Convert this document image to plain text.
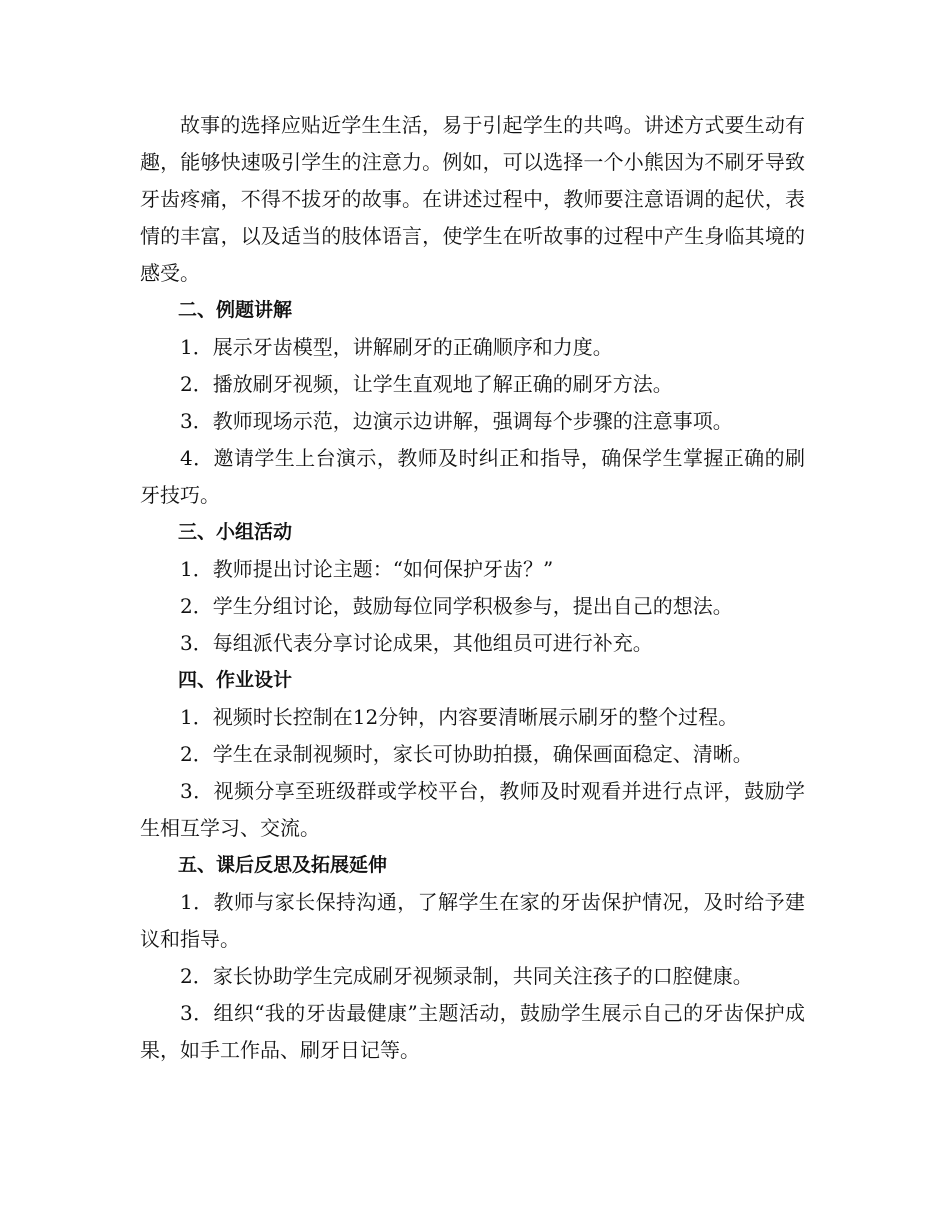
故事的选择应贴近学生生活，易于引起学生的共鸣。讲述方式要生动有趣，能够快速吸引学生的注意力。例如，可以选择一个小熊因为不刷牙导致牙齿疼痛，不得不拔牙的故事。在讲述过程中，教师要注意语调的起伏，表情的丰富，以及适当的肢体语言，使学生在听故事的过程中产生身临其境的感受。

二、例题讲解

1．展示牙齿模型，讲解刷牙的正确顺序和力度。

2．播放刷牙视频，让学生直观地了解正确的刷牙方法。

3．教师现场示范，边演示边讲解，强调每个步骤的注意事项。

4．邀请学生上台演示，教师及时纠正和指导，确保学生掌握正确的刷牙技巧。

三、小组活动

1．教师提出讨论主题：“如何保护牙齿？”

2．学生分组讨论，鼓励每位同学积极参与，提出自己的想法。

3．每组派代表分享讨论成果，其他组员可进行补充。

四、作业设计

1．视频时长控制在12分钟，内容要清晰展示刷牙的整个过程。

2．学生在录制视频时，家长可协助拍摄，确保画面稳定、清晰。

3．视频分享至班级群或学校平台，教师及时观看并进行点评，鼓励学生相互学习、交流。

五、课后反思及拓展延伸

1．教师与家长保持沟通，了解学生在家的牙齿保护情况，及时给予建议和指导。

2．家长协助学生完成刷牙视频录制，共同关注孩子的口腔健康。

3．组织“我的牙齿最健康”主题活动，鼓励学生展示自己的牙齿保护成果，如手工作品、刷牙日记等。
